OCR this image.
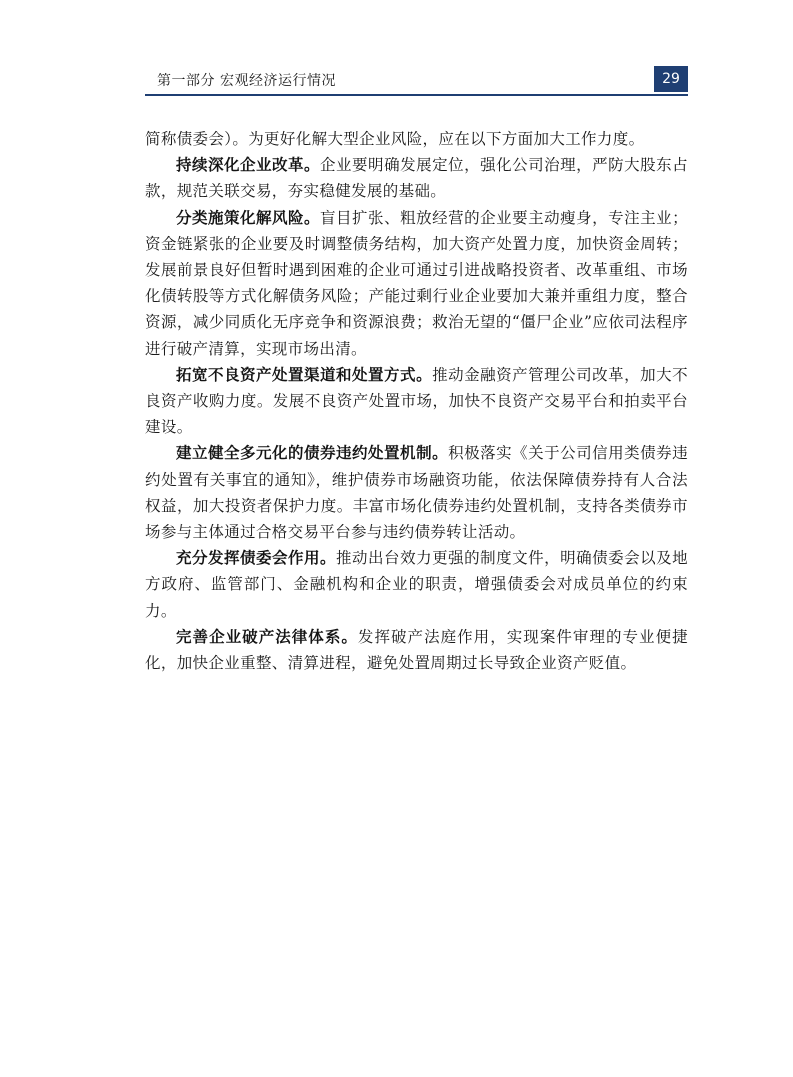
第一部分 宏观经济运行情况	29

简称债委会）。为更好化解大型企业风险，应在以下方面加大工作力度。

持续深化企业改革。企业要明确发展定位，强化公司治理，严防大股东占款，规范关联交易，夯实稳健发展的基础。

分类施策化解风险。盲目扩张、粗放经营的企业要主动瘦身，专注主业；资金链紧张的企业要及时调整债务结构，加大资产处置力度，加快资金周转；发展前景良好但暂时遇到困难的企业可通过引进战略投资者、改革重组、市场化债转股等方式化解债务风险；产能过剩行业企业要加大兼并重组力度，整合资源，减少同质化无序竞争和资源浪费；救治无望的“僵尸企业”应依司法程序进行破产清算，实现市场出清。

拓宽不良资产处置渠道和处置方式。推动金融资产管理公司改革，加大不良资产收购力度。发展不良资产处置市场，加快不良资产交易平台和拍卖平台建设。

建立健全多元化的债券违约处置机制。积极落实《关于公司信用类债券违约处置有关事宜的通知》，维护债券市场融资功能，依法保障债券持有人合法权益，加大投资者保护力度。丰富市场化债券违约处置机制，支持各类债券市场参与主体通过合格交易平台参与违约债券转让活动。

充分发挥债委会作用。推动出台效力更强的制度文件，明确债委会以及地方政府、监管部门、金融机构和企业的职责，增强债委会对成员单位的约束力。

完善企业破产法律体系。发挥破产法庭作用，实现案件审理的专业便捷化，加快企业重整、清算进程，避免处置周期过长导致企业资产贬值。
